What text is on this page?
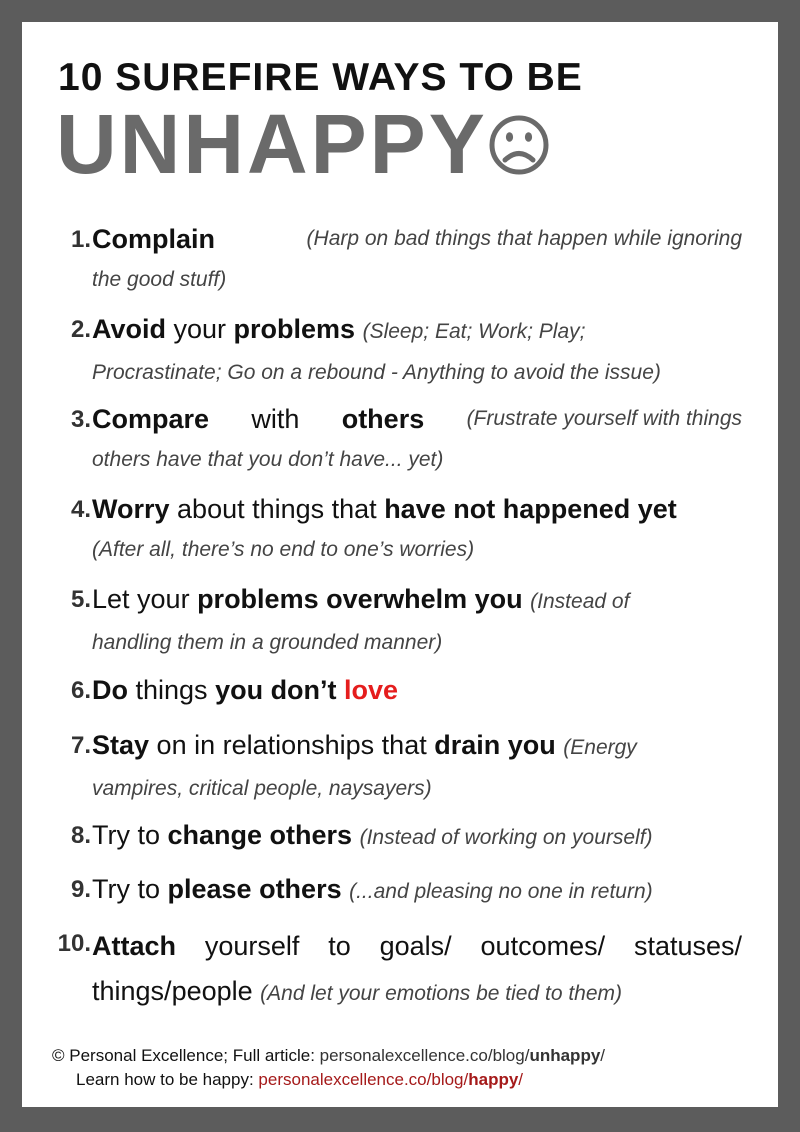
10 SUREFIRE WAYS TO BE
UNHAPPY
1. Complain	(Harp on bad things that happen while ignoring
the good stuff)
2. Avoid your problems (Sleep; Eat; Work; Play;
Procrastinate; Go on a rebound - Anything to avoid the issue)
3. Compare with others (Frustrate yourself with things
others have that you don’t have... yet)
4. Worry about things that have not happened yet
(After all, there’s no end to one’s worries)
5. Let your problems overwhelm you (Instead of
handling them in a grounded manner)
6. Do things you don’t love
7. Stay on in relationships that drain you (Energy
vampires, critical people, naysayers)
8. Try to change others (Instead of working on yourself)
9. Try to please others (...and pleasing no one in return)
10. Attach yourself to goals/ outcomes/ statuses/
things/people (And let your emotions be tied to them)
© Personal Excellence; Full article: personalexcellence.co/blog/unhappy/
Learn how to be happy: personalexcellence.co/blog/happy/
